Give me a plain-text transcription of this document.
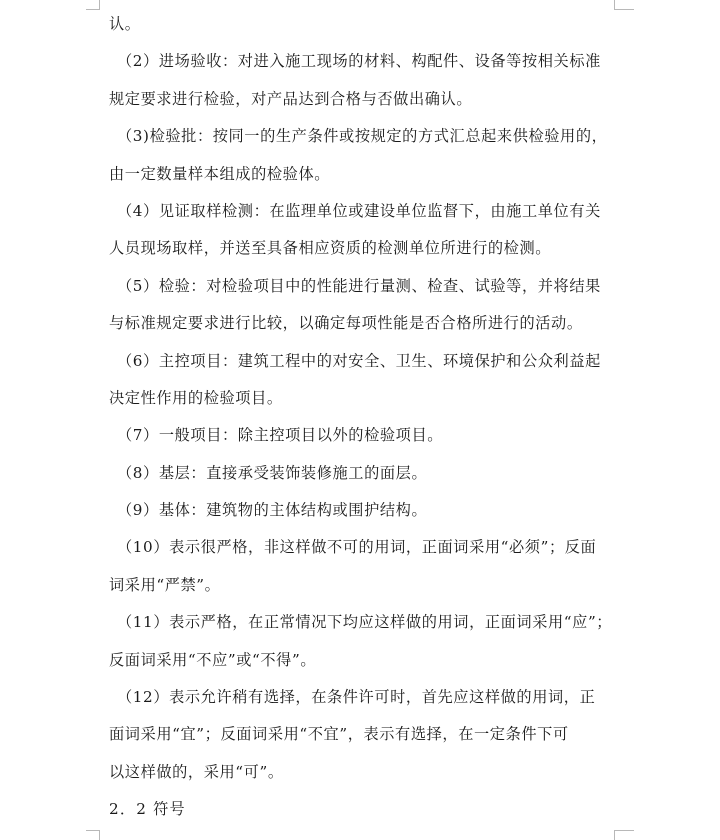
认。
（2）进场验收：对进入施工现场的材料、构配件、设备等按相关标准
规定要求进行检验，对产品达到合格与否做出确认。
（3)检验批：按同一的生产条件或按规定的方式汇总起来供检验用的，
由一定数量样本组成的检验体。
（4）见证取样检测：在监理单位或建设单位监督下，由施工单位有关
人员现场取样，并送至具备相应资质的检测单位所进行的检测。
（5）检验：对检验项目中的性能进行量测、检查、试验等，并将结果
与标准规定要求进行比较，以确定每项性能是否合格所进行的活动。
（6）主控项目：建筑工程中的对安全、卫生、环境保护和公众利益起
决定性作用的检验项目。
（7）一般项目：除主控项目以外的检验项目。
（8）基层：直接承受装饰装修施工的面层。
（9）基体：建筑物的主体结构或围护结构。
（10）表示很严格，非这样做不可的用词，正面词采用“必须”；反面
词采用“严禁”。
（11）表示严格，在正常情况下均应这样做的用词，正面词采用“应”；
反面词采用“不应”或“不得”。
（12）表示允许稍有选择，在条件许可时，首先应这样做的用词，正
面词采用“宜”；反面词采用“不宜”，表示有选择，在一定条件下可
以这样做的，采用“可”。
2．2 符号
